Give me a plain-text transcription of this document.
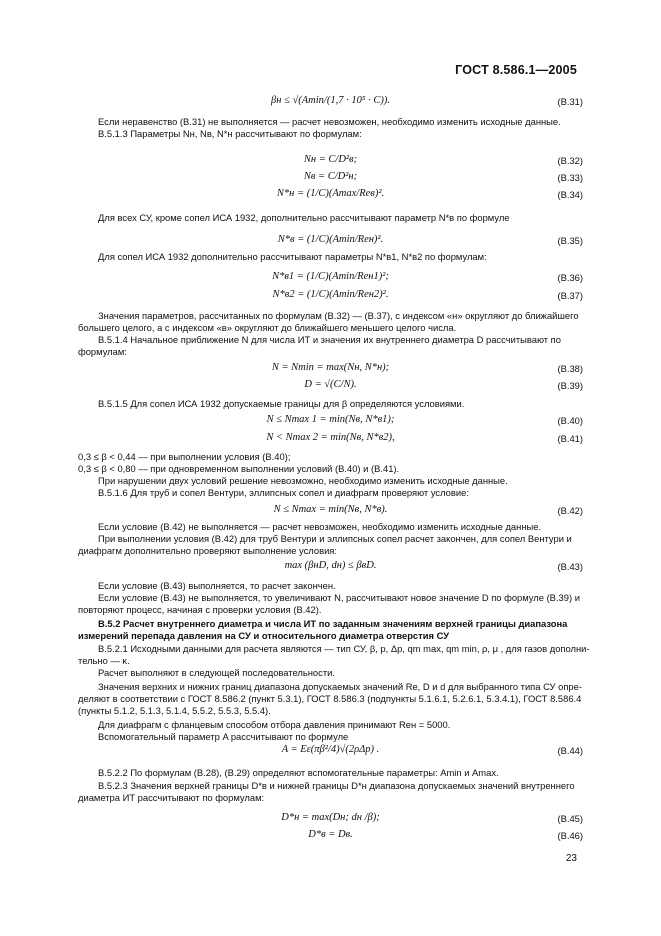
ГОСТ 8.586.1—2005
βн ≤ √(Amin/(1,7 · 10⁵ · C)).	(B.31)
Если неравенство (B.31) не выполняется — расчет невозможен, необходимо изменить исходные данные.
B.5.1.3 Параметры Nн, Nв, N*н рассчитывают по формулам:
Nн = C/D²в;	(B.32)
Nв = C/D²н;	(B.33)
N*н = (1/C)(Amax/Reв)².	(B.34)
Для всех СУ, кроме сопел ИСА 1932, дополнительно рассчитывают параметр N*в по формуле
N*в = (1/C)(Amin/Reн)².	(B.35)
Для сопел ИСА 1932 дополнительно рассчитывают параметры N*в1, N*в2 по формулам:
N*в1 = (1/C)(Amin/Reн1)²;	(B.36)
N*в2 = (1/C)(Amin/Reн2)².	(B.37)
Значения параметров, рассчитанных по формулам (B.32) — (B.37), с индексом «н» округляют до ближайшего
большего целого, а с индексом «в» округляют до ближайшего меньшего целого числа.
B.5.1.4 Начальное приближение N для числа ИТ и значения их внутреннего диаметра D рассчитывают по
формулам:
N = Nmin = max(Nн, N*н);	(B.38)
D = √(C/N).	(B.39)
B.5.1.5 Для сопел ИСА 1932 допускаемые границы для β определяются условиями.
N ≤ Nmax 1 = min(Nв, N*в1);	(B.40)
N < Nmax 2 = min(Nв, N*в2),	(B.41)
0,3 ≤ β < 0,44 — при выполнении условия (B.40);
0,3 ≤ β < 0,80 — при одновременном выполнении условий (B.40) и (B.41).
При нарушении двух условий решение невозможно, необходимо изменить исходные данные.
B.5.1.6 Для труб и сопел Вентури, эллипсных сопел и диафрагм проверяют условие:
N ≤ Nmax = min(Nв, N*в).	(B.42)
Если условие (B.42) не выполняется — расчет невозможен, необходимо изменить исходные данные.
При выполнении условия (B.42) для труб Вентури и эллипсных сопел расчет закончен, для сопел Вентури и
диафрагм дополнительно проверяют выполнение условия:
max (βнD, dн) ≤ βвD.	(B.43)
Если условие (B.43) выполняется, то расчет закончен.
Если условие (B.43) не выполняется, то увеличивают N, рассчитывают новое значение D по формуле (B.39) и
повторяют процесс, начиная с проверки условия (B.42).
B.5.2 Расчет внутреннего диаметра и числа ИТ по заданным значениям верхней границы диапазона
измерений перепада давления на СУ и относительного диаметра отверстия СУ
B.5.2.1 Исходными данными для расчета являются — тип СУ, β, p, Δp, qm max, qm min, ρ, μ , для газов дополни-
тельно — κ.
Расчет выполняют в следующей последовательности.
Значения верхних и нижних границ диапазона допускаемых значений Re, D и d для выбранного типа СУ опре-
деляют в соответствии с ГОСТ 8.586.2 (пункт 5.3.1), ГОСТ 8.586.3 (подпункты 5.1.6.1, 5.2.6.1, 5.3.4.1), ГОСТ 8.586.4
(пункты 5.1.2, 5.1.3, 5.1.4, 5.5.2, 5.5.3, 5.5.4).
Для диафрагм с фланцевым способом отбора давления принимают Reн = 5000.
Вспомогательный параметр A рассчитывают по формуле
A = Eε(πβ²/4)√(2ρΔp) .	(B.44)
B.5.2.2 По формулам (B.28), (B.29) определяют вспомогательные параметры: Amin и Amax.
B.5.2.3 Значения верхней границы D*в и нижней границы D*н диапазона допускаемых значений внутреннего
диаметра ИТ рассчитывают по формулам:
D*н = max(Dн; dн /β);	(B.45)
D*в = Dв.	(B.46)
23
